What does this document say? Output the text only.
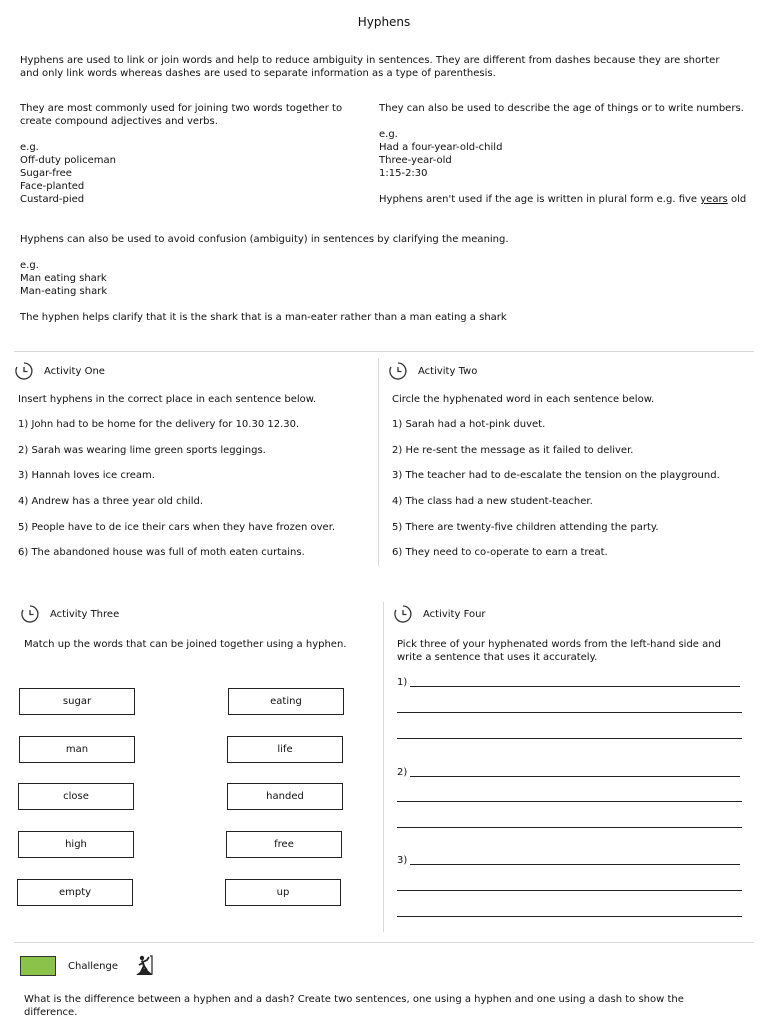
Hyphens
Hyphens are used to link or join words and help to reduce ambiguity in sentences. They are different from dashes because they are shorter
and only link words whereas dashes are used to separate information as a type of parenthesis.
They are most commonly used for joining two words together to
create compound adjectives and verbs.
e.g.
Off-duty policeman
Sugar-free
Face-planted
Custard-pied
They can also be used to describe the age of things or to write numbers.
e.g.
Had a four-year-old-child
Three-year-old
1:15-2:30
Hyphens aren't used if the age is written in plural form e.g. five years old
Hyphens can also be used to avoid confusion (ambiguity) in sentences by clarifying the meaning.
e.g.
Man eating shark
Man-eating shark
The hyphen helps clarify that it is the shark that is a man-eater rather than a man eating a shark
Activity One
Insert hyphens in the correct place in each sentence below.
1) John had to be home for the delivery for 10.30 12.30.
2) Sarah was wearing lime green sports leggings.
3) Hannah loves ice cream.
4) Andrew has a three year old child.
5) People have to de ice their cars when they have frozen over.
6) The abandoned house was full of moth eaten curtains.
Activity Two
Circle the hyphenated word in each sentence below.
1) Sarah had a hot-pink duvet.
2) He re-sent the message as it failed to deliver.
3) The teacher had to de-escalate the tension on the playground.
4) The class had a new student-teacher.
5) There are twenty-five children attending the party.
6) They need to co-operate to earn a treat.
Activity Three
Match up the words that can be joined together using a hyphen.
sugar
man
close
high
empty
eating
life
handed
free
up
Activity Four
Pick three of your hyphenated words from the left-hand side and
write a sentence that uses it accurately.
1)
2)
3)
Challenge
What is the difference between a hyphen and a dash? Create two sentences, one using a hyphen and one using a dash to show the
difference.
